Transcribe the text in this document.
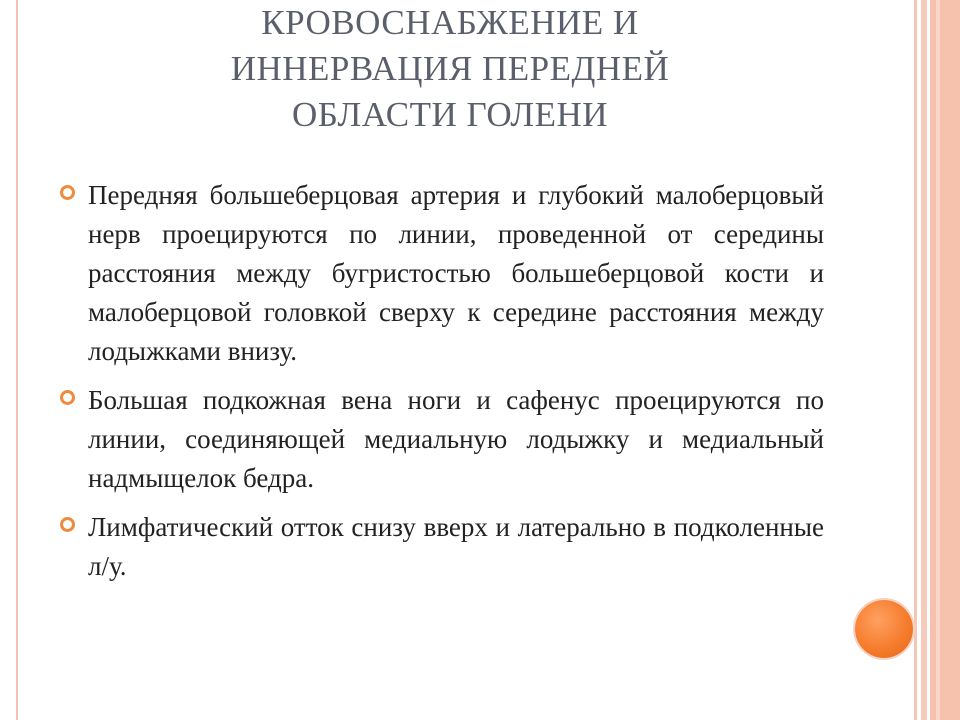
КРОВОСНАБЖЕНИЕ И
ИННЕРВАЦИЯ ПЕРЕДНЕЙ
ОБЛАСТИ ГОЛЕНИ
Передняя большеберцовая артерия и глубокий малоберцовый нерв проецируются по линии, проведенной от середины расстояния между бугристостью большеберцовой кости и малоберцовой головкой сверху к середине расстояния между лодыжками внизу.
Большая подкожная вена ноги и сафенус проецируются по линии, соединяющей медиальную лодыжку и медиальный надмыщелок бедра.
Лимфатический отток снизу вверх и латерально в подколенные л/у.
